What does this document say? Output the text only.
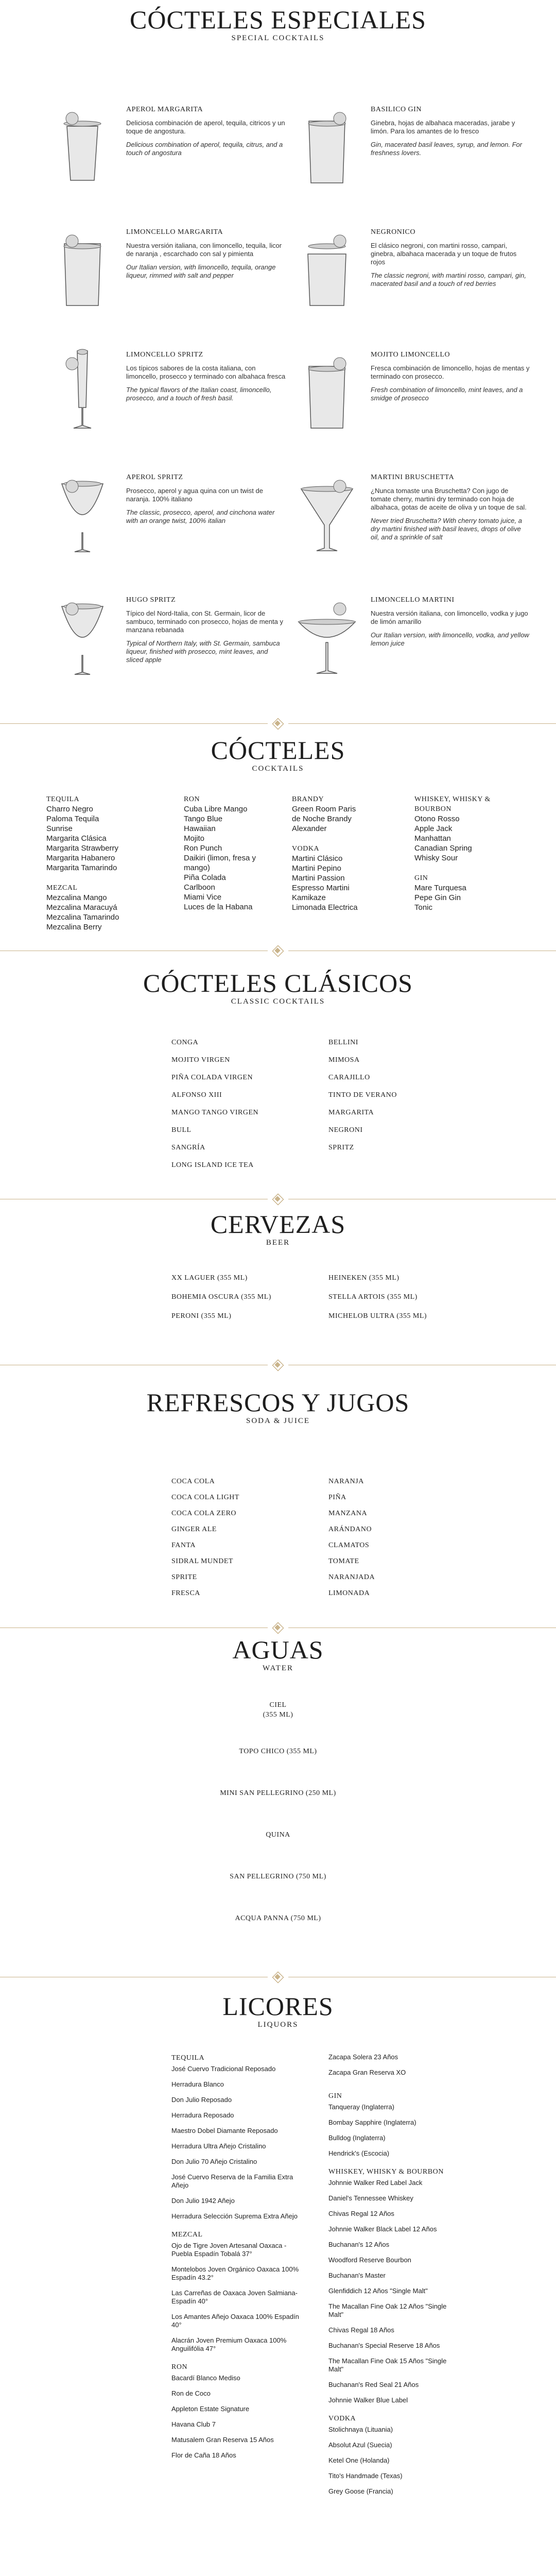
CÓCTELES ESPECIALES
SPECIAL COCKTAILS
APEROL MARGARITA
Deliciosa combinación de aperol, tequila, citricos y un toque de angostura.
Delicious combination of aperol, tequila, citrus, and a touch of angostura
BASILICO GIN
Ginebra, hojas de albahaca maceradas, jarabe y limón. Para los amantes de lo fresco
Gin, macerated basil leaves, syrup, and lemon. For freshness lovers.
LIMONCELLO MARGARITA
Nuestra versión italiana, con limoncello, tequila, licor de naranja , escarchado con sal y pimienta
Our Italian version, with limoncello, tequila, orange liqueur, rimmed with salt and pepper
NEGRONICO
El clásico negroni, con martini rosso, campari, ginebra, albahaca macerada y un toque de frutos rojos
The classic negroni, with martini rosso, campari, gin, macerated basil and a touch of red berries
LIMONCELLO SPRITZ
Los típicos sabores de la costa italiana, con limoncello, prosecco y terminado con albahaca fresca
The typical flavors of the Italian coast, limoncello, prosecco, and a touch of fresh basil.
MOJITO LIMONCELLO
Fresca combinación de limoncello, hojas de mentas y terminado con prosecco.
Fresh combination of limoncello, mint leaves, and a smidge of prosecco
APEROL SPRITZ
Prosecco, aperol y agua quina con un twist de naranja. 100% italiano
The classic, prosecco, aperol, and cinchona water with an orange twist, 100% italian
MARTINI BRUSCHETTA
¿Nunca tomaste una Bruschetta? Con jugo de tomate cherry, martini dry terminado con hoja de albahaca, gotas de aceite de oliva y un toque de sal.
Never tried Bruschetta? With cherry tomato juice, a dry martini finished with basil leaves, drops of olive oil, and a sprinkle of salt
HUGO SPRITZ
Típico del Nord-Italia, con St. Germain, licor de sambuco, terminado con prosecco, hojas de menta y manzana rebanada
Typical of Northern Italy, with St. Germain, sambuca liqueur, finished with prosecco, mint leaves, and sliced apple
LIMONCELLO MARTINI
Nuestra versión italiana, con limoncello, vodka y jugo de limón amarillo
Our Italian version, with limoncello, vodka, and yellow lemon juice
CÓCTELES
COCKTAILS
TEQUILA
Charro Negro
Paloma Tequila
Sunrise
Margarita Clásica
Margarita Strawberry
Margarita Habanero
Margarita Tamarindo
MEZCAL
Mezcalina Mango
Mezcalina Maracuyá
Mezcalina Tamarindo
Mezcalina Berry
RON
Cuba Libre Mango
Tango Blue
Hawaiian
Mojito
Ron Punch
Daikiri (limon, fresa y mango)
Piña Colada
Carlboon
Miami Vice
Luces de la Habana
BRANDY
Green Room Paris
de Noche Brandy
Alexander
VODKA
Martini Clásico
Martini Pepino
Martini Passion
Espresso Martini
Kamikaze
Limonada Electrica
WHISKEY, WHISKY & BOURBON
Otono Rosso
Apple Jack
Manhattan
Canadian Spring
Whisky Sour
GIN
Mare Turquesa
Pepe Gin Gin
Tonic
CÓCTELES CLÁSICOS
CLASSIC COCKTAILS
CONGA
MOJITO VIRGEN
PIÑA COLADA VIRGEN
ALFONSO XIII
MANGO TANGO VIRGEN
BULL
SANGRÍA
LONG ISLAND ICE TEA
BELLINI
MIMOSA
CARAJILLO
TINTO DE VERANO
MARGARITA
NEGRONI
SPRITZ
CERVEZAS
BEER
XX LAGUER (355 ML)
BOHEMIA OSCURA (355 ML)
PERONI (355 ML)
HEINEKEN (355 ML)
STELLA ARTOIS (355 ML)
MICHELOB ULTRA (355 ML)
REFRESCOS Y JUGOS
SODA & JUICE
COCA COLA
COCA COLA LIGHT
COCA COLA ZERO
GINGER ALE
FANTA
SIDRAL MUNDET
SPRITE
FRESCA
NARANJA
PIÑA
MANZANA
ARÁNDANO
CLAMATOS
TOMATE
NARANJADA
LIMONADA
AGUAS
WATER
CIEL
(355 ML)
TOPO CHICO (355 ML)
MINI SAN PELLEGRINO (250 ML)
QUINA
SAN PELLEGRINO (750 ML)
ACQUA PANNA (750 ML)
LICORES
LIQUORS
TEQUILA
José Cuervo Tradicional Reposado
Herradura Blanco
Don Julio Reposado
Herradura Reposado
Maestro Dobel Diamante Reposado
Herradura Ultra Añejo Cristalino
Don Julio 70 Añejo Cristalino
José Cuervo Reserva de la Familia Extra Añejo
Don Julio 1942 Añejo
Herradura Selección Suprema Extra Añejo
MEZCAL
Ojo de Tigre Joven Artesanal Oaxaca - Puebla Espadín Tobalá 37°
Montelobos Joven Orgánico Oaxaca 100% Espadín 43.2°
Las Carreñas de Oaxaca Joven Salmiana-Espadín 40°
Los Amantes Añejo Oaxaca 100% Espadín 40°
Alacrán Joven Premium Oaxaca 100% Anguilifólia 47°
RON
Bacardí Blanco Mediso
Ron de Coco
Appleton Estate Signature
Havana Club 7
Matusalem Gran Reserva 15 Años
Flor de Caña 18 Años
Zacapa Solera 23 Años
Zacapa Gran Reserva XO
GIN
Tanqueray (Inglaterra)
Bombay Sapphire (Inglaterra)
Bulldog (Inglaterra)
Hendrick's (Escocia)
WHISKEY, WHISKY & BOURBON
Johnnie Walker Red Label Jack
Daniel's Tennessee Whiskey
Chivas Regal 12 Años
Johnnie Walker Black Label 12 Años
Buchanan's 12 Años
Woodford Reserve Bourbon
Buchanan's Master
Glenfiddich 12 Años "Single Malt"
The Macallan Fine Oak 12 Años "Single Malt"
Chivas Regal 18 Años
Buchanan's Special Reserve 18 Años
The Macallan Fine Oak 15 Años "Single Malt"
Buchanan's Red Seal 21 Años
Johnnie Walker Blue Label
VODKA
Stolichnaya (Lituania)
Absolut Azul (Suecia)
Ketel One (Holanda)
Tito's Handmade (Texas)
Grey Goose (Francia)
